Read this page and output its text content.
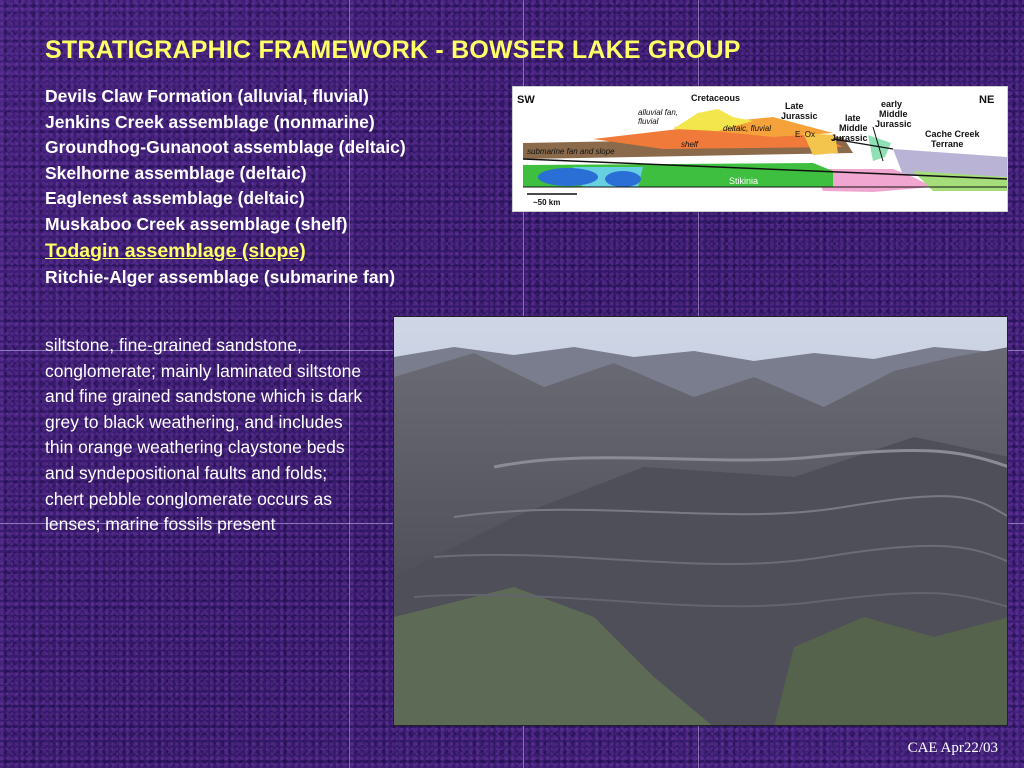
STRATIGRAPHIC FRAMEWORK - BOWSER LAKE GROUP
Devils Claw Formation (alluvial, fluvial)
Jenkins Creek assemblage (nonmarine)
Groundhog-Gunanoot assemblage (deltaic)
Skelhorne assemblage (deltaic)
Eaglenest assemblage (deltaic)
Muskaboo Creek assemblage (shelf)
Todagin assemblage (slope)
Ritchie-Alger assemblage (submarine fan)
SW	NE
Cretaceous
Late
Jurassic
alluvial fan,
fluvial
deltaic, fluvial
E. Ox
late
Middle
Jurassic
early
Middle
Jurassic
Cache Creek
Terrane
shelf
submarine fan and slope
Stikinia
~50 km
siltstone, fine-grained sandstone, conglomerate; mainly laminated siltstone and fine grained sandstone which is dark grey to black weathering, and includes thin orange weathering claystone beds and syndepositional faults and folds; chert pebble conglomerate occurs as lenses; marine fossils present
CAE Apr22/03
